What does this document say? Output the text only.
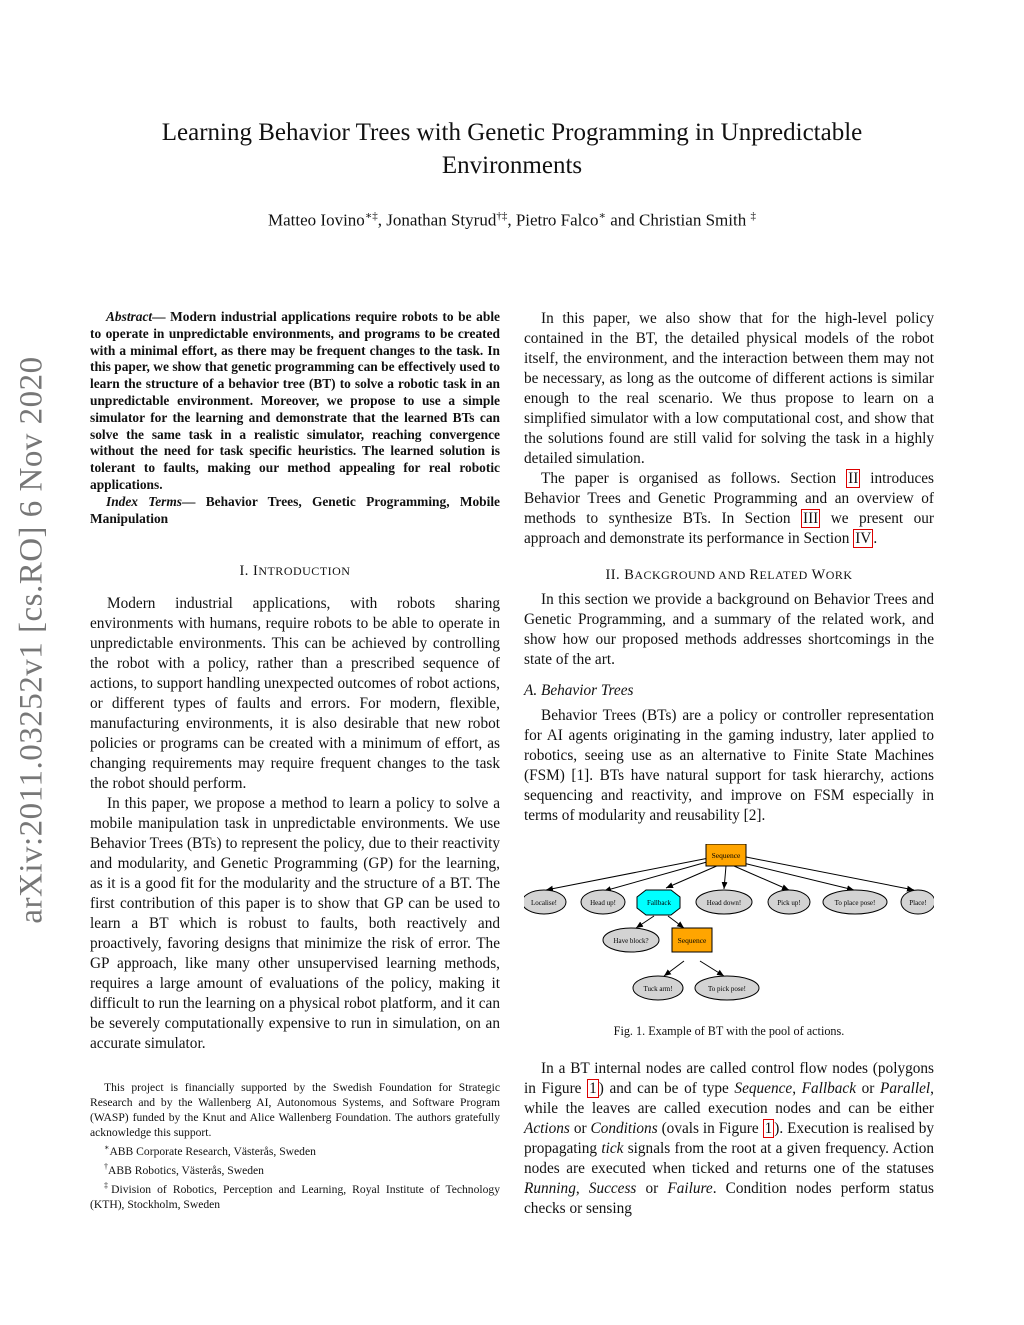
arXiv:2011.03252v1 [cs.RO] 6 Nov 2020
Learning Behavior Trees with Genetic Programming in Unpredictable
Environments
Matteo Iovino∗‡, Jonathan Styrud†‡, Pietro Falco∗ and Christian Smith ‡

Abstract— Modern industrial applications require robots to be able to operate in unpredictable environments, and programs to be created with a minimal effort, as there may be frequent changes to the task. In this paper, we show that genetic programming can be effectively used to learn the structure of a behavior tree (BT) to solve a robotic task in an unpredictable environment. Moreover, we propose to use a simple simulator for the learning and demonstrate that the learned BTs can solve the same task in a realistic simulator, reaching convergence without the need for task specific heuristics. The learned solution is tolerant to faults, making our method appealing for real robotic applications.

Index Terms— Behavior Trees, Genetic Programming, Mobile Manipulation

I. INTRODUCTION

Modern industrial applications, with robots sharing environments with humans, require robots to be able to operate in unpredictable environments. This can be achieved by controlling the robot with a policy, rather than a prescribed sequence of actions, to support handling unexpected outcomes of robot actions, or different types of faults and errors. For modern, flexible, manufacturing environments, it is also desirable that new robot policies or programs can be created with a minimum of effort, as changing requirements may require frequent changes to the task the robot should perform.

In this paper, we propose a method to learn a policy to solve a mobile manipulation task in unpredictable environments. We use Behavior Trees (BTs) to represent the policy, due to their reactivity and modularity, and Genetic Programming (GP) for the learning, as it is a good fit for the modularity and the structure of a BT. The first contribution of this paper is to show that GP can be used to learn a BT which is robust to faults, both reactively and proactively, favoring designs that minimize the risk of error. The GP approach, like many other unsupervised learning methods, requires a large amount of evaluations of the policy, making it difficult to run the learning on a physical robot platform, and it can be severely computationally expensive to run in simulation, on an accurate simulator.

This project is financially supported by the Swedish Foundation for Strategic Research and by the Wallenberg AI, Autonomous Systems, and Software Program (WASP) funded by the Knut and Alice Wallenberg Foundation. The authors gratefully acknowledge this support.

∗ABB Corporate Research, Västerås, Sweden

†ABB Robotics, Västerås, Sweden

‡Division of Robotics, Perception and Learning, Royal Institute of Technology (KTH), Stockholm, Sweden

In this paper, we also show that for the high-level policy contained in the BT, the detailed physical models of the robot itself, the environment, and the interaction between them may not be necessary, as long as the outcome of different actions is similar enough to the real scenario. We thus propose to learn on a simplified simulator with a low computational cost, and show that the solutions found are still valid for solving the task in a highly detailed simulation.

The paper is organised as follows. Section II introduces Behavior Trees and Genetic Programming and an overview of methods to synthesize BTs. In Section III we present our approach and demonstrate its performance in Section IV .

II. BACKGROUND AND RELATED WORK

In this section we provide a background on Behavior Trees and Genetic Programming, and a summary of the related work, and show how our proposed methods addresses shortcomings in the state of the art.

A. Behavior Trees

Behavior Trees (BTs) are a policy or controller representation for AI agents originating in the gaming industry, later applied to robotics, seeing use as an alternative to Finite State Machines (FSM) [1]. BTs have natural support for task hierarchy, actions sequencing and reactivity, and improve on FSM especially in terms of modularity and reusability [2].

Sequence
Localise!	Head up!	Fallback	Head down!	Pick up!	To place pose!	Place!
Have block?	Sequence
Tuck arm!	To pick pose!

Fig. 1. Example of BT with the pool of actions.

In a BT internal nodes are called control flow nodes (polygons in Figure 1 ) and can be of type Sequence, Fallback or Parallel, while the leaves are called execution nodes and can be either Actions or Conditions (ovals in Figure 1 ). Execution is realised by propagating tick signals from the root at a given frequency. Action nodes are executed when ticked and returns one of the statuses Running, Success or Failure. Condition nodes perform status checks or sensing
